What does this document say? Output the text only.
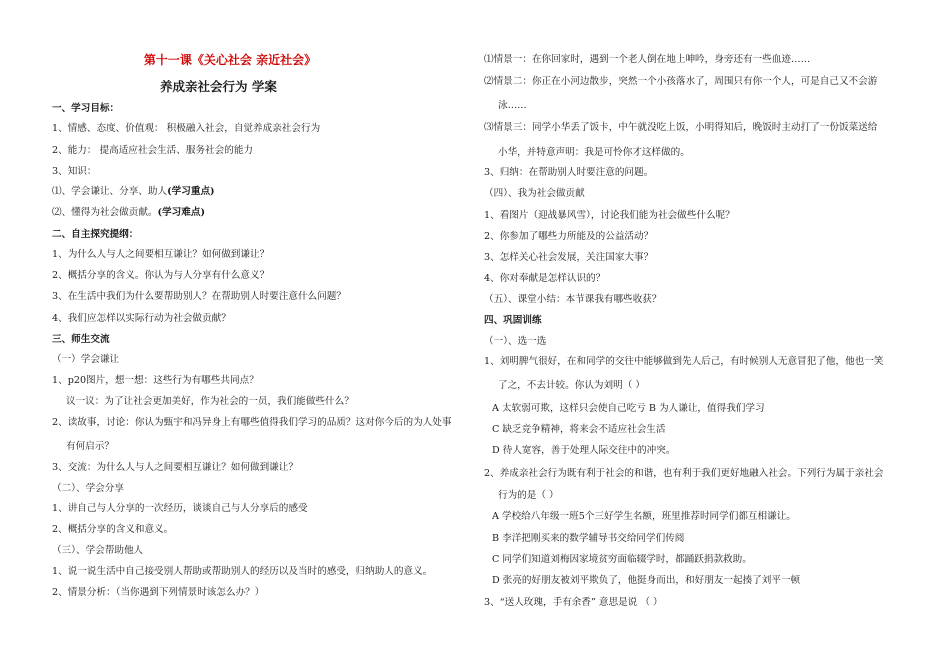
第十一课《关心社会 亲近社会》
养成亲社会行为 学案
一、学习目标：
1、情感、态度、价值观： 积极融入社会，自觉养成亲社会行为
2、能力： 提高适应社会生活、服务社会的能力
3、知识：
⑴、学会谦让、分享、助人(学习重点)
⑵、懂得为社会做贡献。(学习难点)
二、自主探究提纲：
1、为什么人与人之间要相互谦让？如何做到谦让？
2、概括分享的含义。你认为与人分享有什么意义？
3、在生活中我们为什么要帮助别人？在帮助别人时要注意什么问题？
4、我们应怎样以实际行动为社会做贡献？
三、师生交流
（一）学会谦让
1、p20图片，想一想：这些行为有哪些共同点？
议一议：为了让社会更加美好，作为社会的一员，我们能做些什么？
2、读故事，讨论：你认为甄宇和冯异身上有哪些值得我们学习的品质？这对你今后的为人处事
有何启示？
3、交流：为什么人与人之间要相互谦让？如何做到谦让？
（二）、学会分享
1、讲自己与人分享的一次经历，谈谈自己与人分享后的感受
2、概括分享的含义和意义。
（三）、学会帮助他人
1、说一说生活中自己接受别人帮助或帮助别人的经历以及当时的感受，归纳助人的意义。
2、情景分析：（当你遇到下列情景时该怎么办？）
⑴情景一：在你回家时，遇到一个老人倒在地上呻吟，身旁还有一些血迹……
⑵情景二：你正在小河边散步，突然一个小孩落水了，周围只有你一个人，可是自己又不会游
泳……
⑶情景三：同学小华丢了饭卡，中午就没吃上饭，小明得知后，晚饭时主动打了一份饭菜送给
小华，并特意声明：我是可怜你才这样做的。
3、归纳：在帮助别人时要注意的问题。
（四）、我为社会做贡献
1、看图片（迎战暴风雪），讨论我们能为社会做些什么呢？
2、你参加了哪些力所能及的公益活动？
3、怎样关心社会发展，关注国家大事？
4、你对奉献是怎样认识的？
（五）、课堂小结：本节课我有哪些收获？
四、巩固训练
（一）、选一选
1、刘明脾气很好，在和同学的交往中能够做到先人后己，有时候别人无意冒犯了他，他也一笑
了之，不去计较。你认为刘明（ ）
A 太软弱可欺，这样只会使自己吃亏 B 为人谦让，值得我们学习
C 缺乏竞争精神，将来会不适应社会生活
D 待人宽容，善于处理人际交往中的冲突。
2、养成亲社会行为既有利于社会的和谐，也有利于我们更好地融入社会。下列行为属于亲社会
行为的是（ ）
A 学校给八年级一班5个三好学生名额，班里推荐时同学们都互相谦让。
B 李洋把刚买来的数学辅导书交给同学们传阅
C 同学们知道刘梅因家境贫穷面临辍学时，都踊跃捐款救助。
D 张亮的好朋友被刘平欺负了，他挺身而出，和好朋友一起揍了刘平一顿
3、“送人玫瑰，手有余香” 意思是说 （ ）
